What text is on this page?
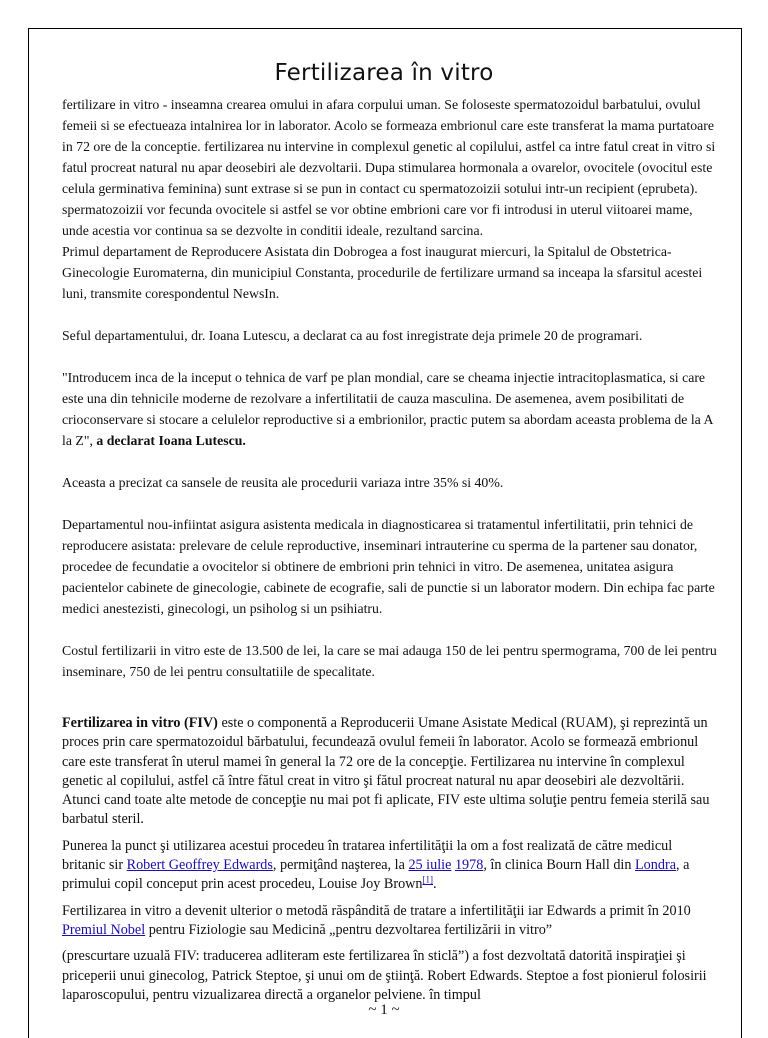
Fertilizarea în vitro

fertilizare in vitro - inseamna crearea omului in afara corpului uman. Se foloseste spermatozoidul barbatului, ovulul femeii si se efectueaza intalnirea lor in laborator. Acolo se formeaza embrionul care este transferat la mama purtatoare in 72 ore de la conceptie. fertilizarea nu intervine in complexul genetic al copilului, astfel ca intre fatul creat in vitro si fatul procreat natural nu apar deosebiri ale dezvoltarii. Dupa stimularea hormonala a ovarelor, ovocitele (ovocitul este celula germinativa feminina) sunt extrase si se pun in contact cu spermatozoizii sotului intr-un recipient (eprubeta). spermatozoizii vor fecunda ovocitele si astfel se vor obtine embrioni care vor fi introdusi in uterul viitoarei mame, unde acestia vor continua sa se dezvolte in conditii ideale, rezultand sarcina.

Primul departament de Reproducere Asistata din Dobrogea a fost inaugurat miercuri, la Spitalul de Obstetrica-Ginecologie Euromaterna, din municipiul Constanta, procedurile de fertilizare urmand sa inceapa la sfarsitul acestei luni, transmite corespondentul NewsIn.

Seful departamentului, dr. Ioana Lutescu, a declarat ca au fost inregistrate deja primele 20 de programari.

"Introducem inca de la inceput o tehnica de varf pe plan mondial, care se cheama injectie intracitoplasmatica, si care este una din tehnicile moderne de rezolvare a infertilitatii de cauza masculina. De asemenea, avem posibilitati de crioconservare si stocare a celulelor reproductive si a embrionilor, practic putem sa abordam aceasta problema de la A la Z", a declarat Ioana Lutescu.

Aceasta a precizat ca sansele de reusita ale procedurii variaza intre 35% si 40%.

Departamentul nou-infiintat asigura asistenta medicala in diagnosticarea si tratamentul infertilitatii, prin tehnici de reproducere asistata: prelevare de celule reproductive, inseminari intrauterine cu sperma de la partener sau donator, procedee de fecundatie a ovocitelor si obtinere de embrioni prin tehnici in vitro. De asemenea, unitatea asigura pacientelor cabinete de ginecologie, cabinete de ecografie, sali de punctie si un laborator modern. Din echipa fac parte medici anestezisti, ginecologi, un psiholog si un psihiatru.

Costul fertilizarii in vitro este de 13.500 de lei, la care se mai adauga 150 de lei pentru spermograma, 700 de lei pentru inseminare, 750 de lei pentru consultatiile de specalitate.

Fertilizarea in vitro (FIV) este o componentă a Reproducerii Umane Asistate Medical (RUAM), şi reprezintă un proces prin care spermatozoidul bărbatului, fecundează ovulul femeii în laborator. Acolo se formează embrionul care este transferat în uterul mamei în general la 72 ore de la concepţie. Fertilizarea nu intervine în complexul genetic al copilului, astfel că între fătul creat in vitro şi fătul procreat natural nu apar deosebiri ale dezvoltării. Atunci cand toate alte metode de concepţie nu mai pot fi aplicate, FIV este ultima soluţie pentru femeia sterilă sau barbatul steril.

Punerea la punct şi utilizarea acestui procedeu în tratarea infertilităţii la om a fost realizată de către medicul britanic sir Robert Geoffrey Edwards, permiţând naşterea, la 25 iulie 1978, în clinica Bourn Hall din Londra, a primului copil conceput prin acest procedeu, Louise Joy Brown[1].

Fertilizarea in vitro a devenit ulterior o metodă răspândită de tratare a infertilităţii iar Edwards a primit în 2010 Premiul Nobel pentru Fiziologie sau Medicină „pentru dezvoltarea fertilizării in vitro”

(prescurtare uzuală FIV: traducerea adliteram este fertilizarea în sticlă”) a fost dezvoltată datorită inspiraţiei şi priceperii unui ginecolog, Patrick Steptoe, şi unui om de ştiinţă. Robert Edwards. Steptoe a fost pionierul folosirii laparoscopului, pentru vizualizarea directă a organelor pelviene. în timpul

~ 1 ~
